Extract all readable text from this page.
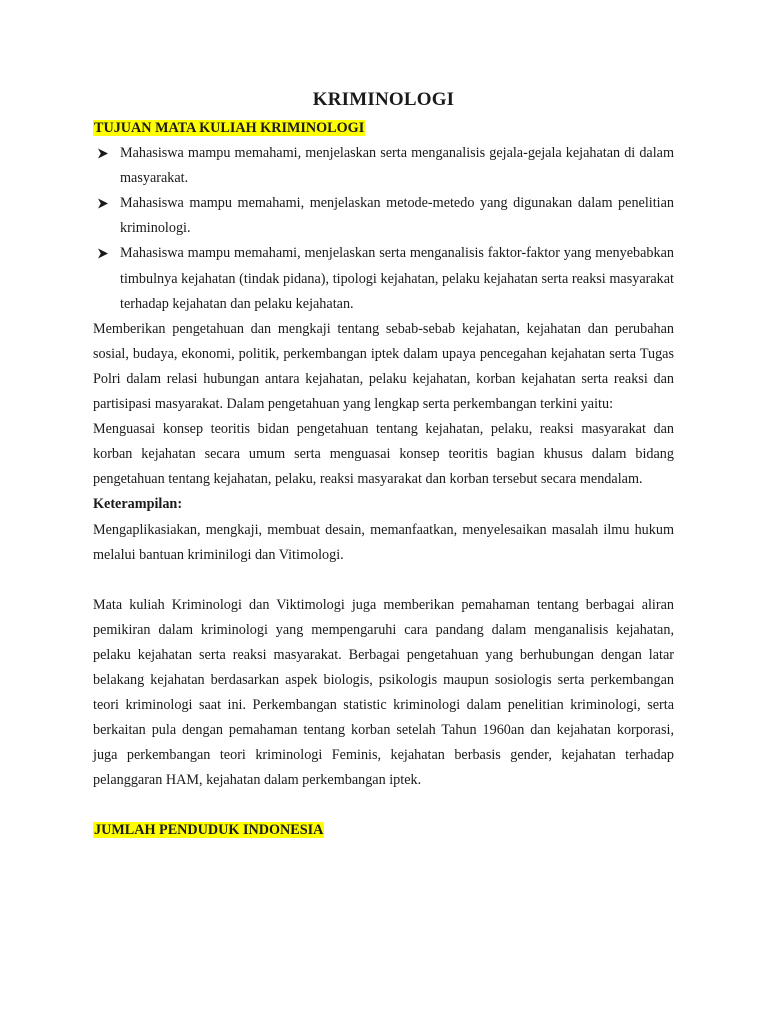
KRIMINOLOGI
TUJUAN MATA KULIAH KRIMINOLOGI
Mahasiswa mampu memahami, menjelaskan serta menganalisis gejala-gejala kejahatan di dalam masyarakat.
Mahasiswa mampu memahami, menjelaskan metode-metedo yang digunakan dalam penelitian kriminologi.
Mahasiswa mampu memahami, menjelaskan serta menganalisis faktor-faktor yang menyebabkan timbulnya kejahatan (tindak pidana), tipologi kejahatan, pelaku kejahatan serta reaksi masyarakat terhadap kejahatan dan pelaku kejahatan.

Memberikan pengetahuan dan mengkaji tentang sebab-sebab kejahatan, kejahatan dan perubahan sosial, budaya, ekonomi, politik, perkembangan iptek dalam upaya pencegahan kejahatan serta Tugas Polri dalam relasi hubungan antara kejahatan, pelaku kejahatan, korban kejahatan serta reaksi dan partisipasi masyarakat. Dalam pengetahuan yang lengkap serta perkembangan terkini yaitu:

Menguasai konsep teoritis bidan pengetahuan tentang kejahatan, pelaku, reaksi masyarakat dan korban kejahatan secara umum serta menguasai konsep teoritis bagian khusus dalam bidang pengetahuan tentang kejahatan, pelaku, reaksi masyarakat dan korban tersebut secara mendalam.

Keterampilan:

Mengaplikasiakan, mengkaji, membuat desain, memanfaatkan, menyelesaikan masalah ilmu hukum melalui bantuan kriminilogi dan Vitimologi.

Mata kuliah Kriminologi dan Viktimologi juga memberikan pemahaman tentang berbagai aliran pemikiran dalam kriminologi yang mempengaruhi cara pandang dalam menganalisis kejahatan, pelaku kejahatan serta reaksi masyarakat. Berbagai pengetahuan yang berhubungan dengan latar belakang kejahatan berdasarkan aspek biologis, psikologis maupun sosiologis serta perkembangan teori kriminologi saat ini. Perkembangan statistic kriminologi dalam penelitian kriminologi, serta berkaitan pula dengan pemahaman tentang korban setelah Tahun 1960an dan kejahatan korporasi, juga perkembangan teori kriminologi Feminis, kejahatan berbasis gender, kejahatan terhadap pelanggaran HAM, kejahatan dalam perkembangan iptek.

JUMLAH PENDUDUK INDONESIA
